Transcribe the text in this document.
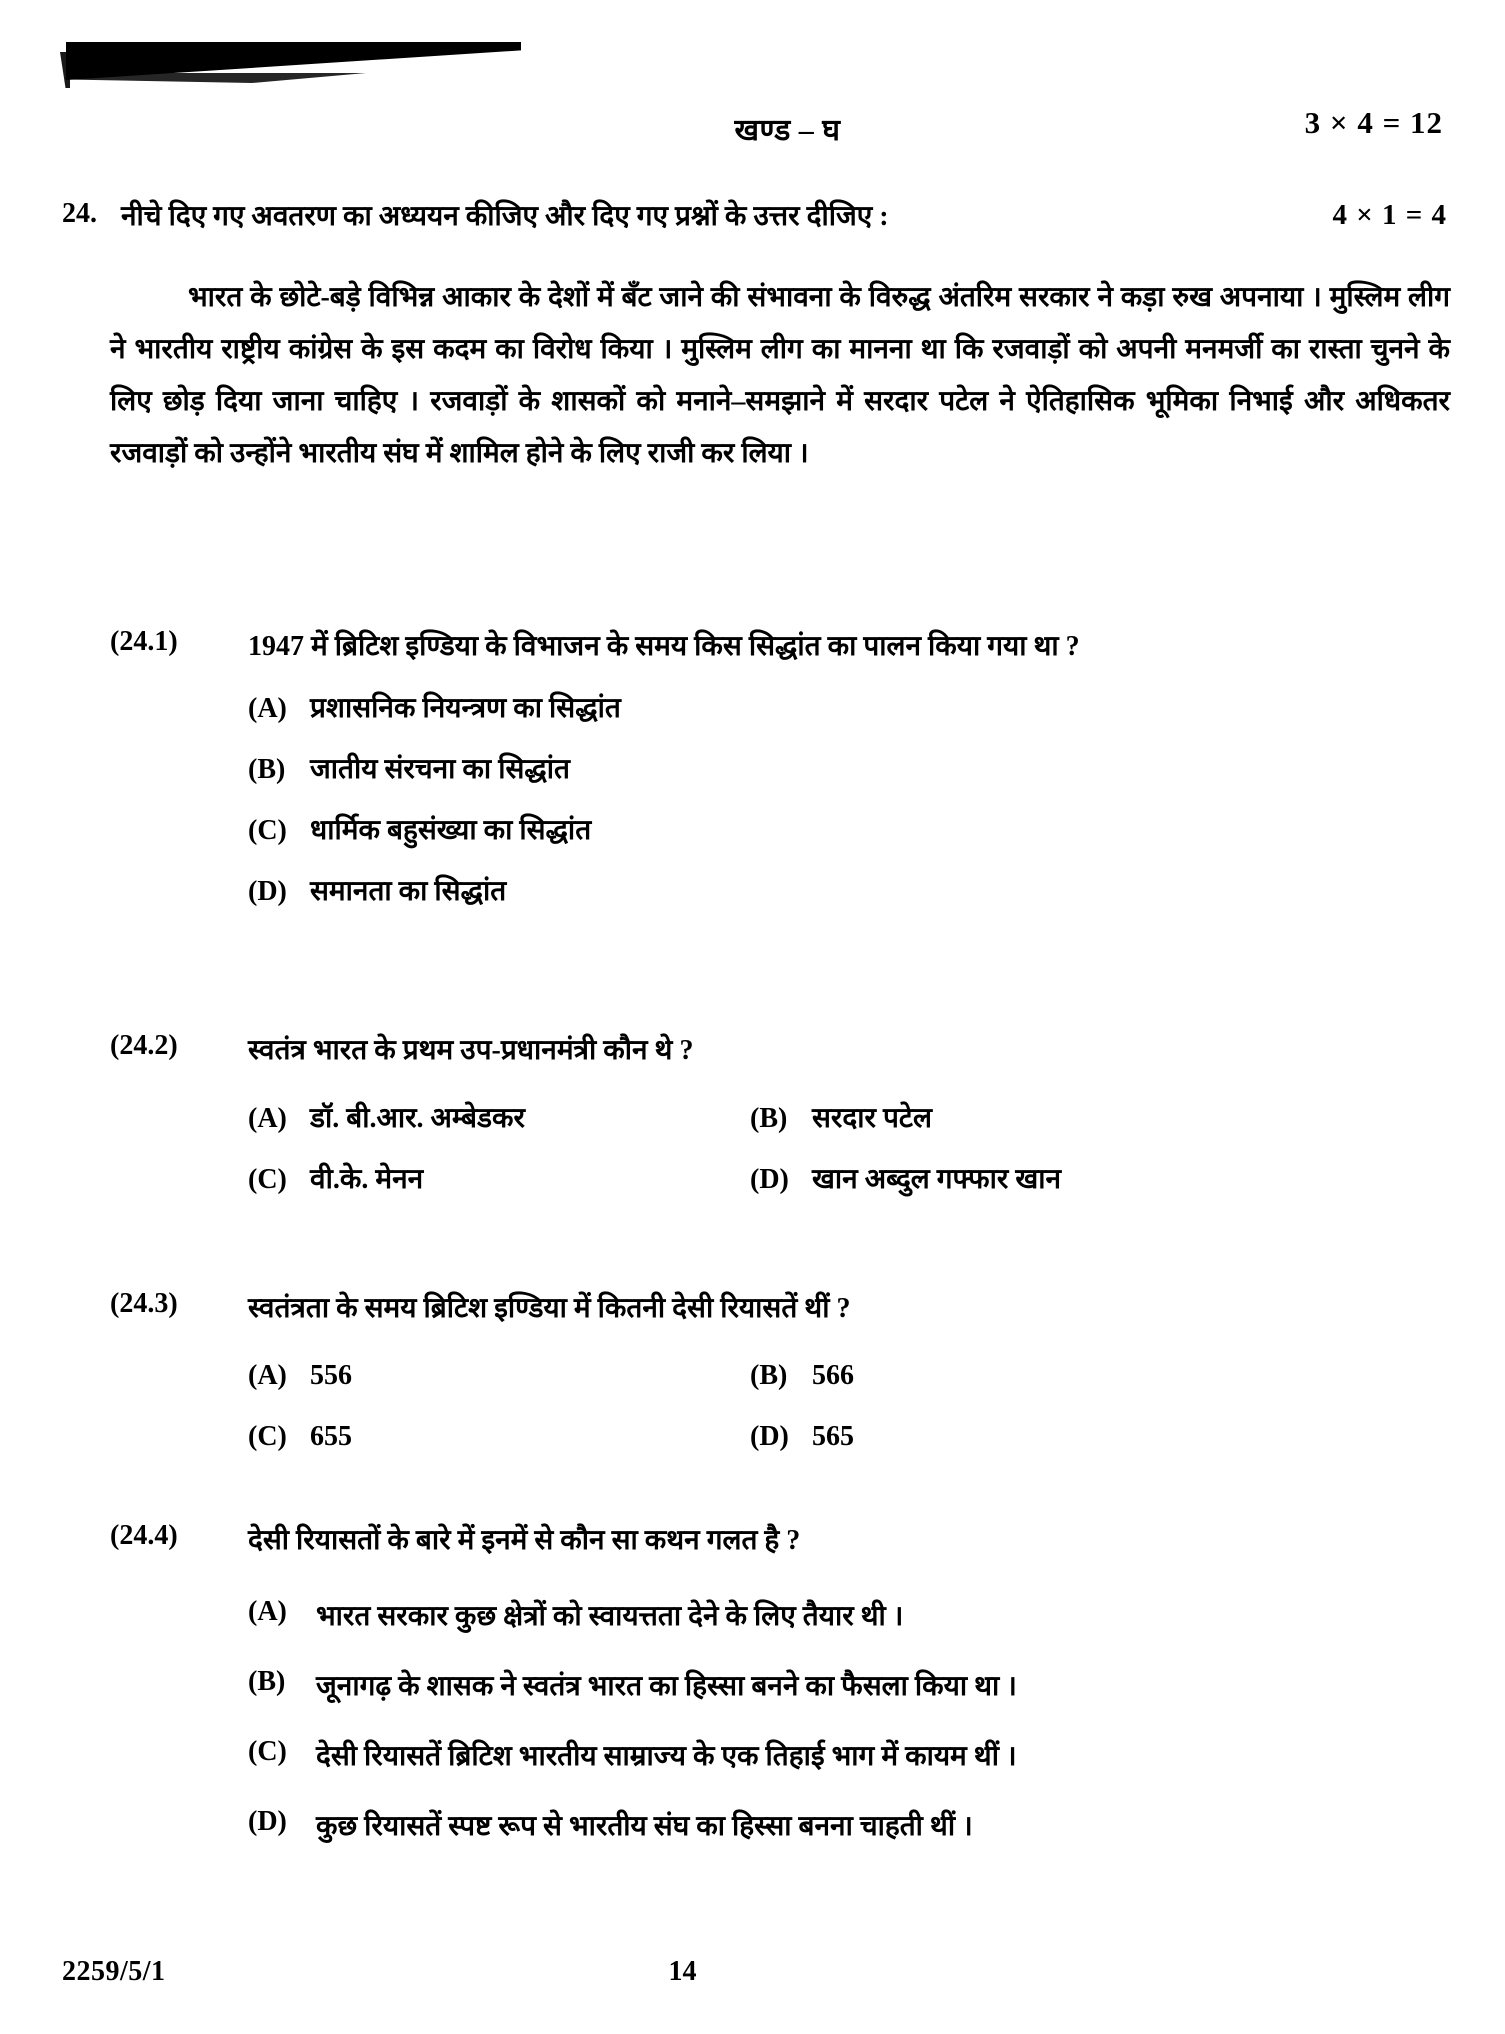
खण्ड – घ	3 × 4 = 12
24. नीचे दिए गए अवतरण का अध्ययन कीजिए और दिए गए प्रश्नों के उत्तर दीजिए :	4 × 1 = 4
भारत के छोटे-बड़े विभिन्न आकार के देशों में बँट जाने की संभावना के विरुद्ध अंतरिम सरकार ने कड़ा रुख अपनाया । मुस्लिम लीग ने भारतीय राष्ट्रीय कांग्रेस के इस कदम का विरोध किया । मुस्लिम लीग का मानना था कि रजवाड़ों को अपनी मनमर्जी का रास्ता चुनने के लिए छोड़ दिया जाना चाहिए । रजवाड़ों के शासकों को मनाने–समझाने में सरदार पटेल ने ऐतिहासिक भूमिका निभाई और अधिकतर रजवाड़ों को उन्होंने भारतीय संघ में शामिल होने के लिए राजी कर लिया ।
(24.1)	1947 में ब्रिटिश इण्डिया के विभाजन के समय किस सिद्धांत का पालन किया गया था ?
(A) प्रशासनिक नियन्त्रण का सिद्धांत
(B) जातीय संरचना का सिद्धांत
(C) धार्मिक बहुसंख्या का सिद्धांत
(D) समानता का सिद्धांत
(24.2)	स्वतंत्र भारत के प्रथम उप-प्रधानमंत्री कौन थे ?
(A) डॉ. बी.आर. अम्बेडकर	(B) सरदार पटेल
(C) वी.के. मेनन	(D) खान अब्दुल गफ्फार खान
(24.3)	स्वतंत्रता के समय ब्रिटिश इण्डिया में कितनी देसी रियासतें थीं ?
(A) 556	(B) 566
(C) 655	(D) 565
(24.4)	देसी रियासतों के बारे में इनमें से कौन सा कथन गलत है ?
(A)	भारत सरकार कुछ क्षेत्रों को स्वायत्तता देने के लिए तैयार थी ।
(B)	जूनागढ़ के शासक ने स्वतंत्र भारत का हिस्सा बनने का फैसला किया था ।
(C)	देसी रियासतें ब्रिटिश भारतीय साम्राज्य के एक तिहाई भाग में कायम थीं ।
(D)	कुछ रियासतें स्पष्ट रूप से भारतीय संघ का हिस्सा बनना चाहती थीं ।
2259/5/1	14
